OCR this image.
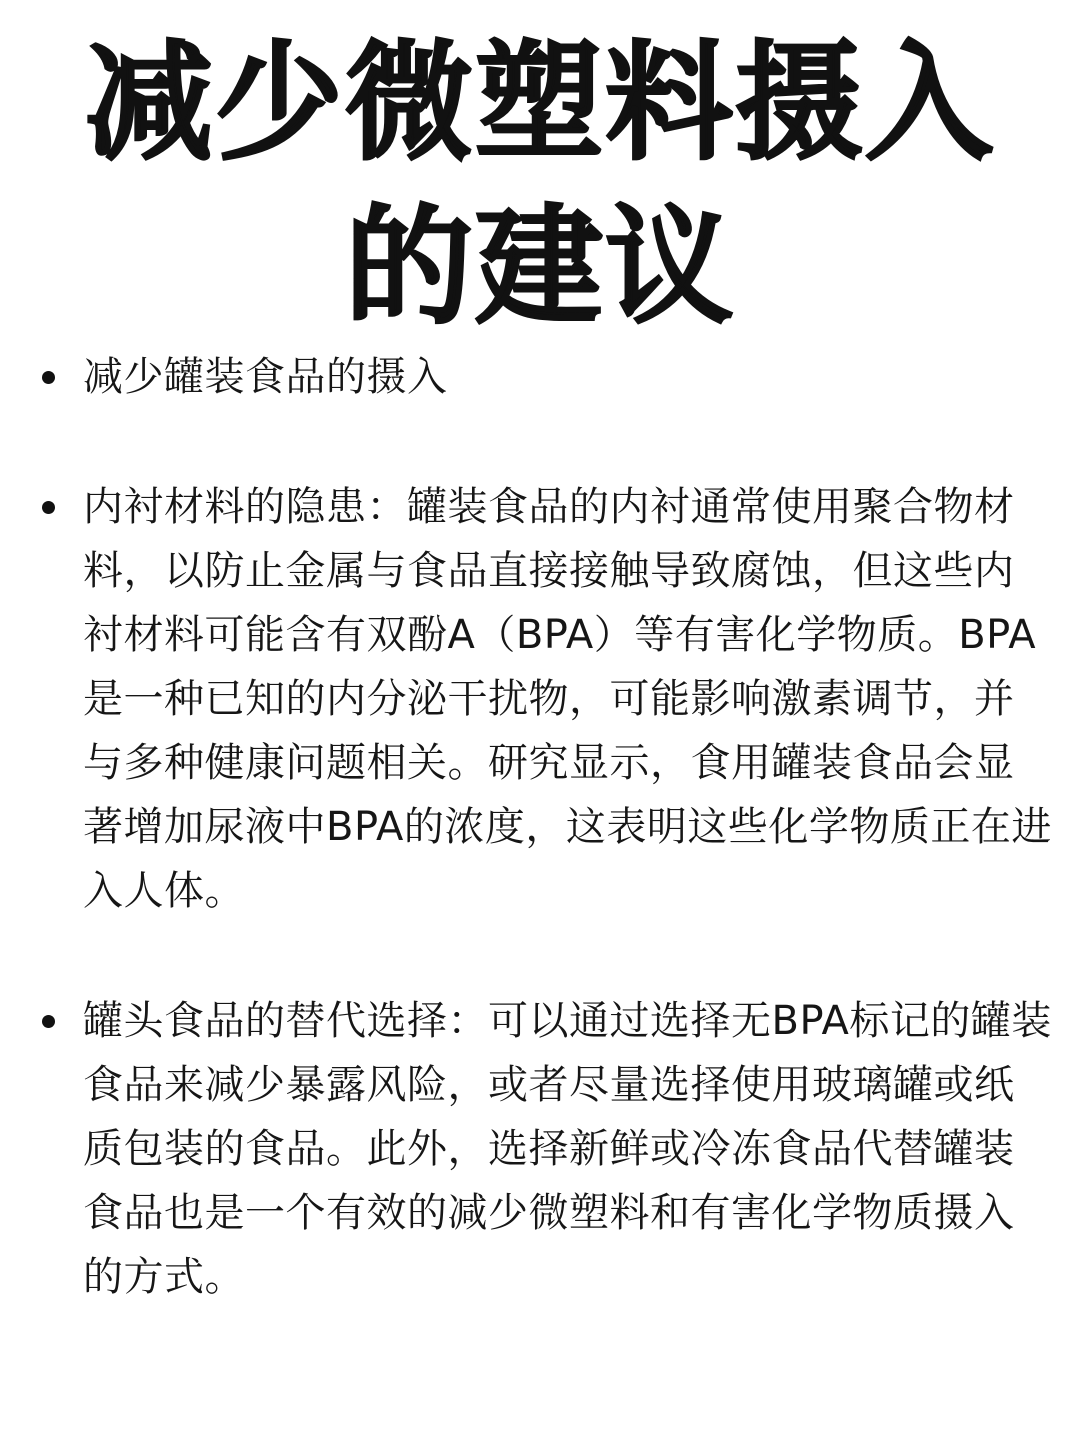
减少微塑料摄入的建议
减少罐装食品的摄入
内衬材料的隐患：罐装食品的内衬通常使用聚合物材料，以防止金属与食品直接接触导致腐蚀，但这些内衬材料可能含有双酚A（BPA）等有害化学物质。BPA是一种已知的内分泌干扰物，可能影响激素调节，并与多种健康问题相关。研究显示，食用罐装食品会显著增加尿液中BPA的浓度，这表明这些化学物质正在进入人体。
罐头食品的替代选择：可以通过选择无BPA标记的罐装食品来减少暴露风险，或者尽量选择使用玻璃罐或纸质包装的食品。此外，选择新鲜或冷冻食品代替罐装食品也是一个有效的减少微塑料和有害化学物质摄入的方式。
